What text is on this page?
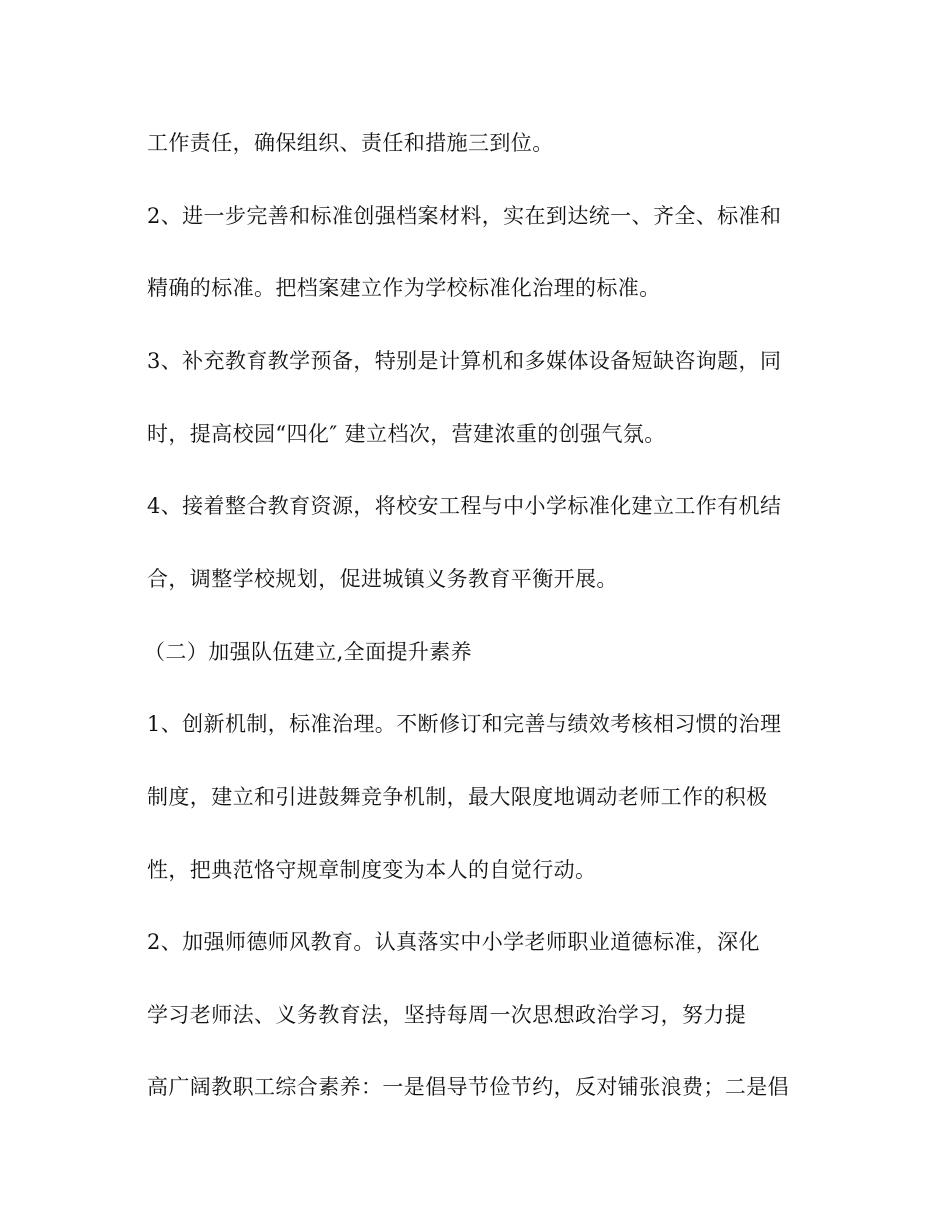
工作责任，确保组织、责任和措施三到位。

2、进一步完善和标准创强档案材料，实在到达统一、齐全、标准和

精确的标准。把档案建立作为学校标准化治理的标准。

3、补充教育教学预备，特别是计算机和多媒体设备短缺咨询题，同

时，提高校园“四化″ 建立档次，营建浓重的创强气氛。

4、接着整合教育资源，将校安工程与中小学标准化建立工作有机结

合，调整学校规划，促进城镇义务教育平衡开展。

（二）加强队伍建立,全面提升素养

1、创新机制，标准治理。不断修订和完善与绩效考核相习惯的治理

制度，建立和引进鼓舞竞争机制，最大限度地调动老师工作的积极

性，把典范恪守规章制度变为本人的自觉行动。

2、加强师德师风教育。认真落实中小学老师职业道德标准，深化

学习老师法、义务教育法，坚持每周一次思想政治学习，努力提

高广阔教职工综合素养：一是倡导节俭节约，反对铺张浪费；二是倡
